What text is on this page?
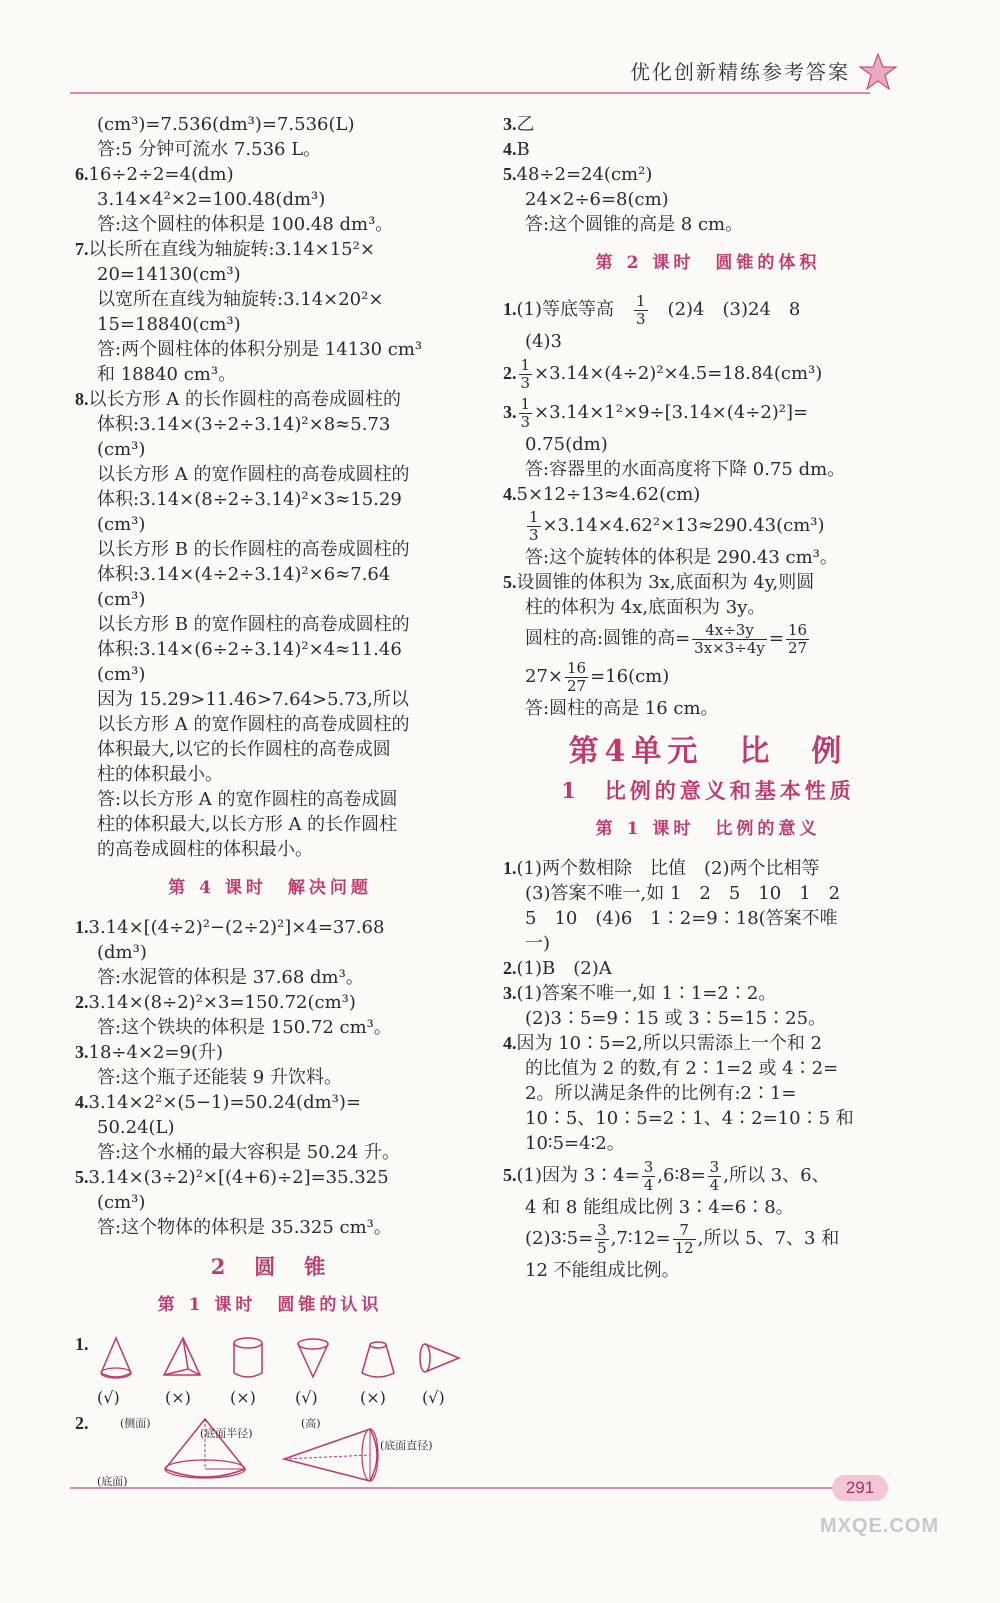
优化创新精练参考答案
(cm³)=7.536(dm³)=7.536(L)
答:5 分钟可流水 7.536 L。
6.16÷2÷2=4(dm)
3.14×4²×2=100.48(dm³)
答:这个圆柱的体积是 100.48 dm³。
7.以长所在直线为轴旋转:3.14×15²×
20=14130(cm³)
以宽所在直线为轴旋转:3.14×20²×
15=18840(cm³)
答:两个圆柱体的体积分别是 14130 cm³
和 18840 cm³。
8.以长方形 A 的长作圆柱的高卷成圆柱的
体积:3.14×(3÷2÷3.14)²×8≈5.73
(cm³)
以长方形 A 的宽作圆柱的高卷成圆柱的
体积:3.14×(8÷2÷3.14)²×3≈15.29
(cm³)
以长方形 B 的长作圆柱的高卷成圆柱的
体积:3.14×(4÷2÷3.14)²×6≈7.64
(cm³)
以长方形 B 的宽作圆柱的高卷成圆柱的
体积:3.14×(6÷2÷3.14)²×4≈11.46
(cm³)
因为 15.29>11.46>7.64>5.73,所以
以长方形 A 的宽作圆柱的高卷成圆柱的
体积最大,以它的长作圆柱的高卷成圆
柱的体积最小。
答:以长方形 A 的宽作圆柱的高卷成圆
柱的体积最大,以长方形 A 的长作圆柱
的高卷成圆柱的体积最小。
第 4 课时　解决问题
1.3.14×[(4÷2)²−(2÷2)²]×4=37.68
(dm³)
答:水泥管的体积是 37.68 dm³。
2.3.14×(8÷2)²×3=150.72(cm³)
答:这个铁块的体积是 150.72 cm³。
3.18÷4×2=9(升)
答:这个瓶子还能装 9 升饮料。
4.3.14×2²×(5−1)=50.24(dm³)=
50.24(L)
答:这个水桶的最大容积是 50.24 升。
5.3.14×(3÷2)²×[(4+6)÷2]=35.325
(cm³)
答:这个物体的体积是 35.325 cm³。
2　圆　锥
第 1 课时　圆锥的认识
1.
(√)	(×) (×) (√)	(×) (√)
2.	(侧面)
(底面半径)
(底面)
(高)
(底面直径)
3.乙
4.B
5.48÷2=24(cm²)
24×2÷6=8(cm)
答:这个圆锥的高是 8 cm。
第 2 课时　圆锥的体积
1.(1)等底等高　 $\frac{1}{3}$
　 (2)4　(3)24　8
(4)3
2. $\frac{1}{3} \times 3.14\times(4\div 2)^2\times 4.5=18.84(cm^3)$
3. $\frac{1}{3} \times 3.14\times 1^2\times 9\div[3.14\times(4\div 2)^2]=$
0.75(dm)
答:容器里的水面高度将下降 0.75 dm。
4.5×12÷13≈4.62(cm)
$\frac{1}{3} \times 3.14\times 4.62^2\times 13\approx 290.43(cm^3)$
答:这个旋转体的体积是 290.43 cm³。
5.设圆锥的体积为 3x,底面积为 4y,则圆
柱的体积为 4x,底面积为 3y。
圆柱的高:圆锥的高= $\frac{4x\div 3y}{3x\times 3\div 4y} = \frac{16}{27}$
$27\times \frac{16}{27} =16(cm)$
答:圆柱的高是 16 cm。
第4单元　比　例
1　比例的意义和基本性质
第 1 课时　比例的意义
1.(1)两个数相除　比值　(2)两个比相等
(3)答案不唯一,如 1　2　5　10　1　2
5　10　(4)6　1∶2=9∶18(答案不唯
一)
2.(1)B　(2)A
3.(1)答案不唯一,如 1∶1=2∶2。
(2)3∶5=9∶15 或 3∶5=15∶25。
4.因为 10∶5=2,所以只需添上一个和 2
的比值为 2 的数,有 2∶1=2 或 4∶2=
2。所以满足条件的比例有:2∶1=
10∶5、10∶5=2∶1、4∶2=10∶5 和
10∶5=4∶2。
5.(1)因为 3∶4= $\frac{3}{4}$ ,6∶8= $\frac{3}{4}$ ,所以 3、6、
4 和 8 能组成比例 3∶4=6∶8。
(2)3∶5= $\frac{3}{5}$ ,7∶12= $\frac{7}{12}$ ,所以 5、7、3 和
12 不能组成比例。
291
MXQE.COM
